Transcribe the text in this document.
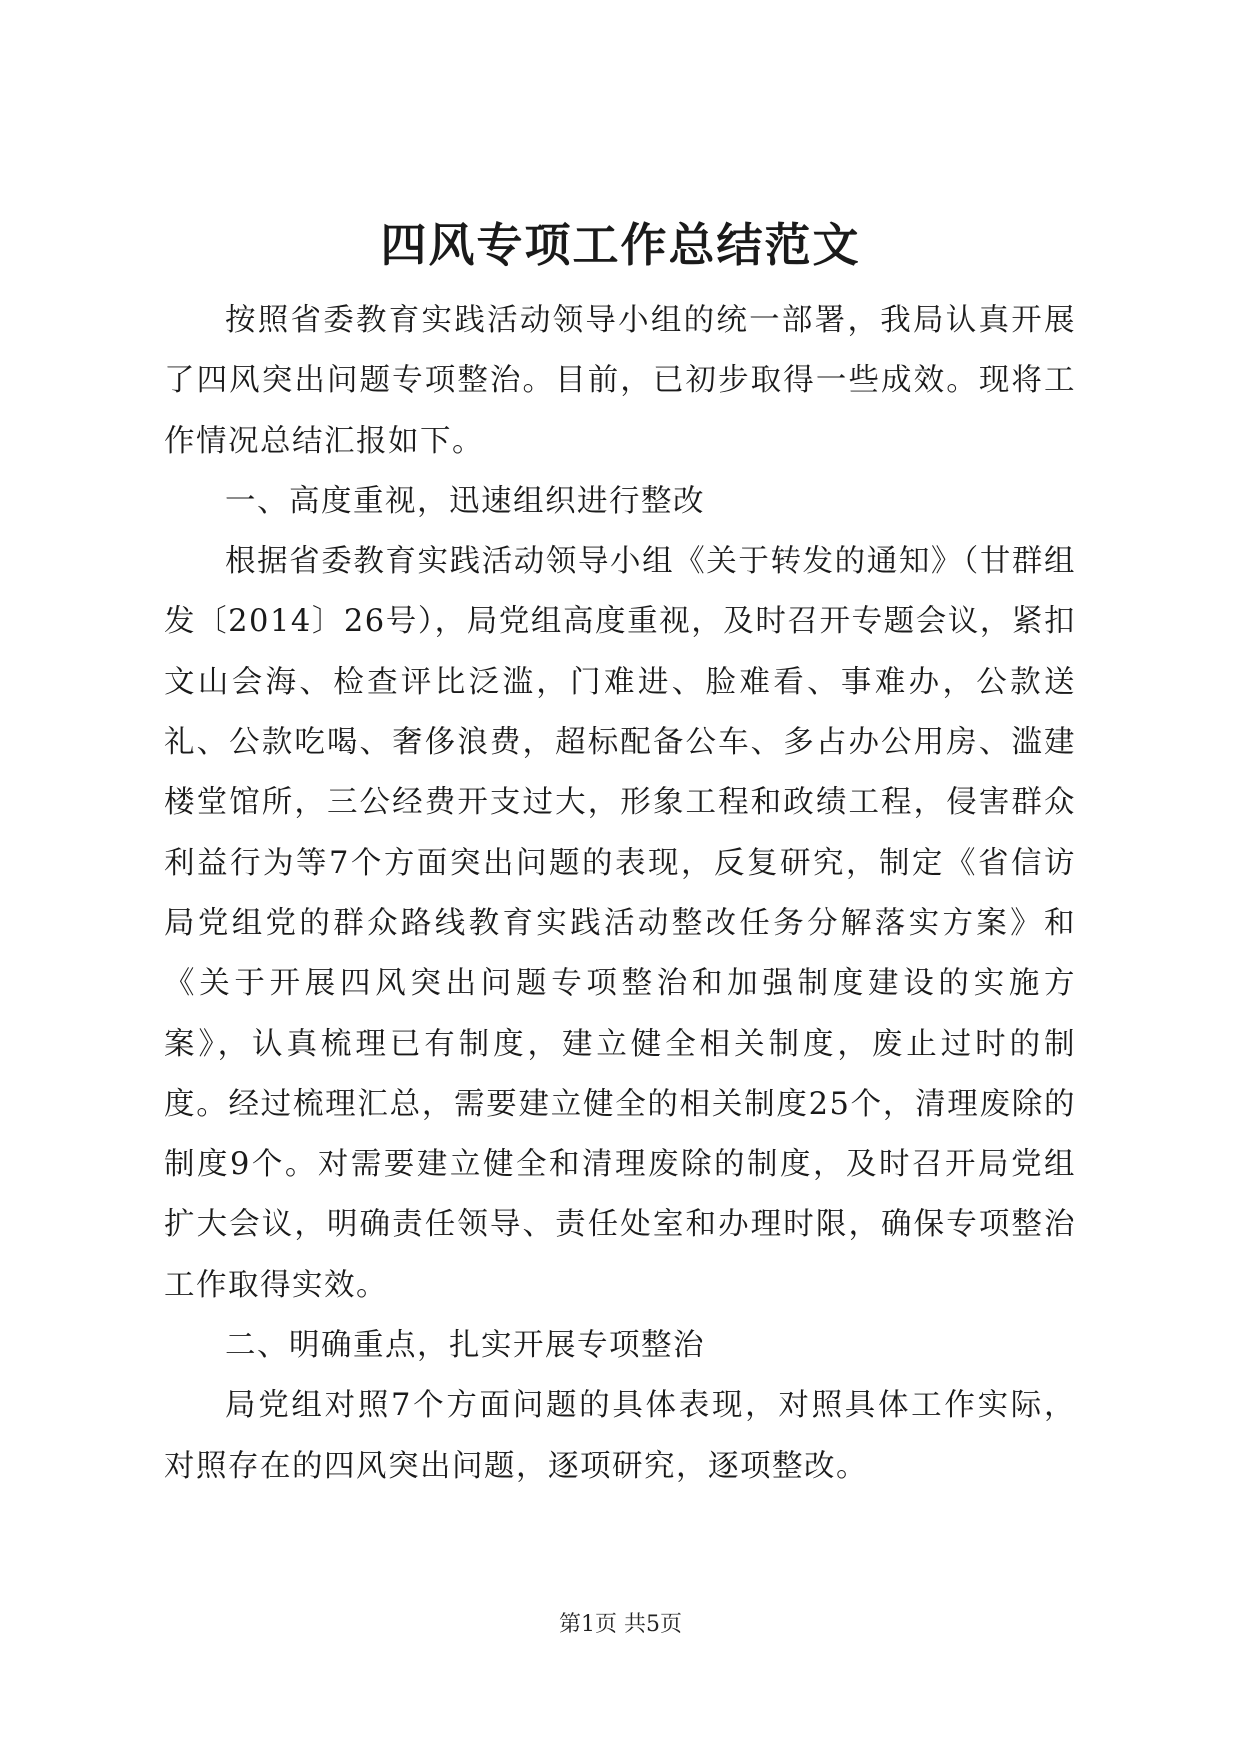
四风专项工作总结范文

按照省委教育实践活动领导小组的统一部署，我局认真开展了四风突出问题专项整治。目前，已初步取得一些成效。现将工作情况总结汇报如下。

一、高度重视，迅速组织进行整改

根据省委教育实践活动领导小组《关于转发的通知》（甘群组发〔2014〕26号），局党组高度重视，及时召开专题会议，紧扣文山会海、检查评比泛滥，门难进、脸难看、事难办，公款送礼、公款吃喝、奢侈浪费，超标配备公车、多占办公用房、滥建楼堂馆所，三公经费开支过大，形象工程和政绩工程，侵害群众利益行为等7个方面突出问题的表现，反复研究，制定《省信访局党组党的群众路线教育实践活动整改任务分解落实方案》和《关于开展四风突出问题专项整治和加强制度建设的实施方案》，认真梳理已有制度，建立健全相关制度，废止过时的制度。经过梳理汇总，需要建立健全的相关制度25个，清理废除的制度9个。对需要建立健全和清理废除的制度，及时召开局党组扩大会议，明确责任领导、责任处室和办理时限，确保专项整治工作取得实效。

二、明确重点，扎实开展专项整治

局党组对照7个方面问题的具体表现，对照具体工作实际，对照存在的四风突出问题，逐项研究，逐项整改。

第1页 共5页
